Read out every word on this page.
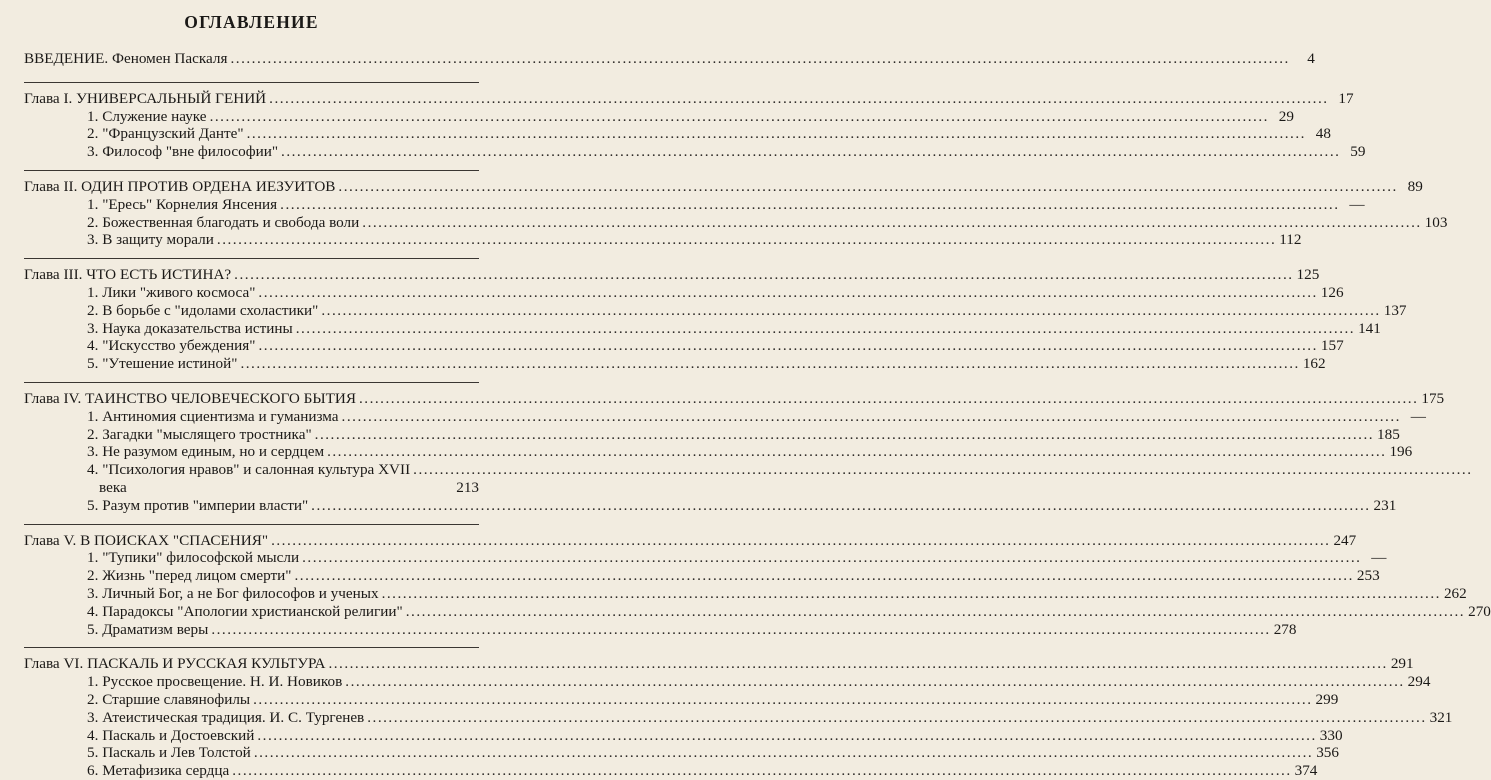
ОГЛАВЛЕНИЕ
ВВЕДЕНИЕ. Феномен Паскаля .....	4
Глава I. УНИВЕРСАЛЬНЫЙ ГЕНИЙ .....	17
1. Служение науке .....	29
2. "Французский Данте" .....	48
3. Философ "вне философии" .....	59
Глава II. ОДИН ПРОТИВ ОРДЕНА ИЕЗУИТОВ .....	89
1. "Ересь" Корнелия Янсения .....	—
2. Божественная благодать и свобода воли .....	103
3. В защиту морали .....	112
Глава III. ЧТО ЕСТЬ ИСТИНА? .....	125
1. Лики "живого космоса" .....	126
2. В борьбе с "идолами схоластики" .....	137
3. Наука доказательства истины .....	141
4. "Искусство убеждения" .....	157
5. "Утешение истиной" .....	162
Глава IV. ТАИНСТВО ЧЕЛОВЕЧЕСКОГО БЫТИЯ .....	175
1. Антиномия сциентизма и гуманизма .....	—
2. Загадки "мыслящего тростника" .....	185
3. Не разумом единым, но и сердцем .....	196
4. "Психология нравов" и салонная культура XVII
.....
века	213
5. Разум против "империи власти" .....	231
Глава V. В ПОИСКАХ "СПАСЕНИЯ" .....	247
1. "Тупики" философской мысли .....	—
2. Жизнь "перед лицом смерти" .....	253
3. Личный Бог, а не Бог философов и ученых .....	262
4. Парадоксы "Апологии христианской религии" .....	270
5. Драматизм веры .....	278
Глава VI. ПАСКАЛЬ И РУССКАЯ КУЛЬТУРА .....	291
1. Русское просвещение. Н. И. Новиков .....	294
2. Старшие славянофилы .....	299
3. Атеистическая традиция. И. С. Тургенев .....	321
4. Паскаль и Достоевский .....	330
5. Паскаль и Лев Толстой .....	356
6. Метафизика сердца .....	374
